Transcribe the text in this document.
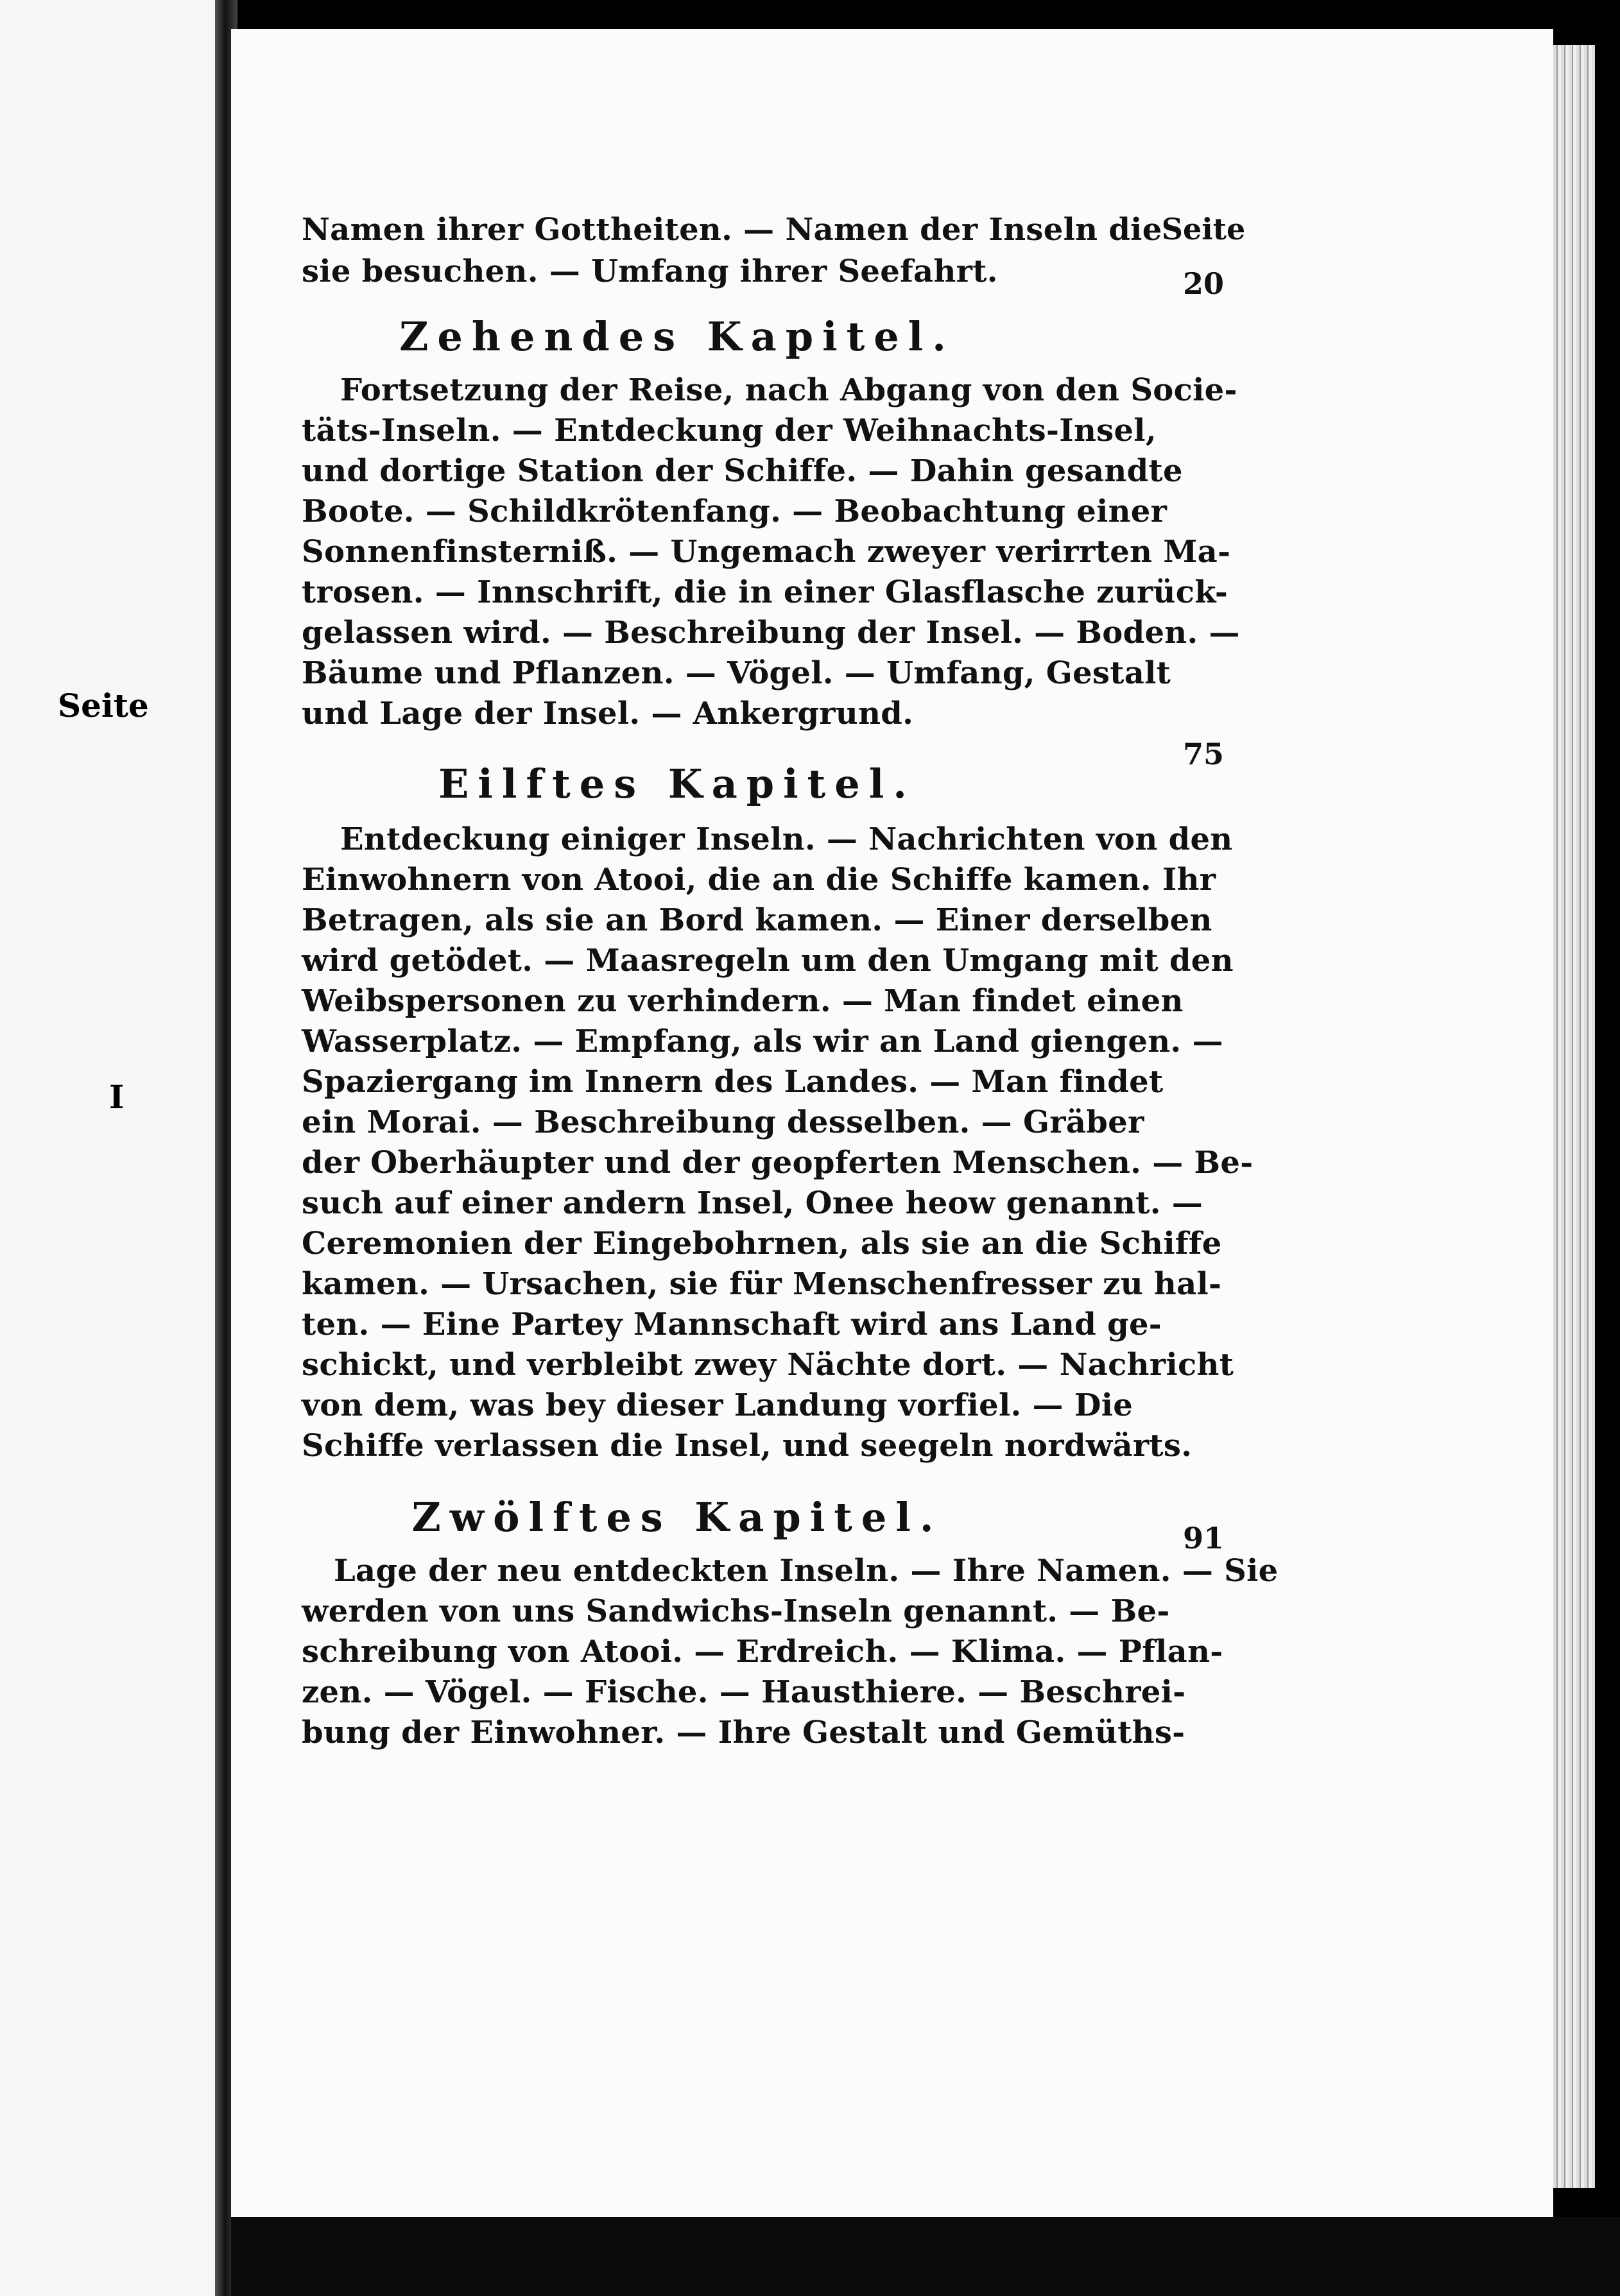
Seite
I
Seite
20
75
91
Namen ihrer Gottheiten. — Namen der Inseln die
sie besuchen. — Umfang ihrer Seefahrt.
Zehendes Kapitel.
Fortsetzung der Reise, nach Abgang von den Socie-
täts-Inseln. — Entdeckung der Weihnachts-Insel,
und dortige Station der Schiffe. — Dahin gesandte
Boote. — Schildkrötenfang. — Beobachtung einer
Sonnenfinsterniß. — Ungemach zweyer verirrten Ma-
trosen. — Innschrift, die in einer Glasflasche zurück-
gelassen wird. — Beschreibung der Insel. — Boden. —
Bäume und Pflanzen. — Vögel. — Umfang, Gestalt
und Lage der Insel. — Ankergrund.
Eilftes Kapitel.
Entdeckung einiger Inseln. — Nachrichten von den
Einwohnern von Atooi, die an die Schiffe kamen. Ihr
Betragen, als sie an Bord kamen. — Einer derselben
wird getödet. — Maasregeln um den Umgang mit den
Weibspersonen zu verhindern. — Man findet einen
Wasserplatz. — Empfang, als wir an Land giengen. —
Spaziergang im Innern des Landes. — Man findet
ein Morai. — Beschreibung desselben. — Gräber
der Oberhäupter und der geopferten Menschen. — Be-
such auf einer andern Insel, Onee heow genannt. —
Ceremonien der Eingebohrnen, als sie an die Schiffe
kamen. — Ursachen, sie für Menschenfresser zu hal-
ten. — Eine Partey Mannschaft wird ans Land ge-
schickt, und verbleibt zwey Nächte dort. — Nachricht
von dem, was bey dieser Landung vorfiel. — Die
Schiffe verlassen die Insel, und seegeln nordwärts.
Zwölftes Kapitel.
Lage der neu entdeckten Inseln. — Ihre Namen. — Sie
werden von uns Sandwichs-Inseln genannt. — Be-
schreibung von Atooi. — Erdreich. — Klima. — Pflan-
zen. — Vögel. — Fische. — Hausthiere. — Beschrei-
bung der Einwohner. — Ihre Gestalt und Gemüths-
